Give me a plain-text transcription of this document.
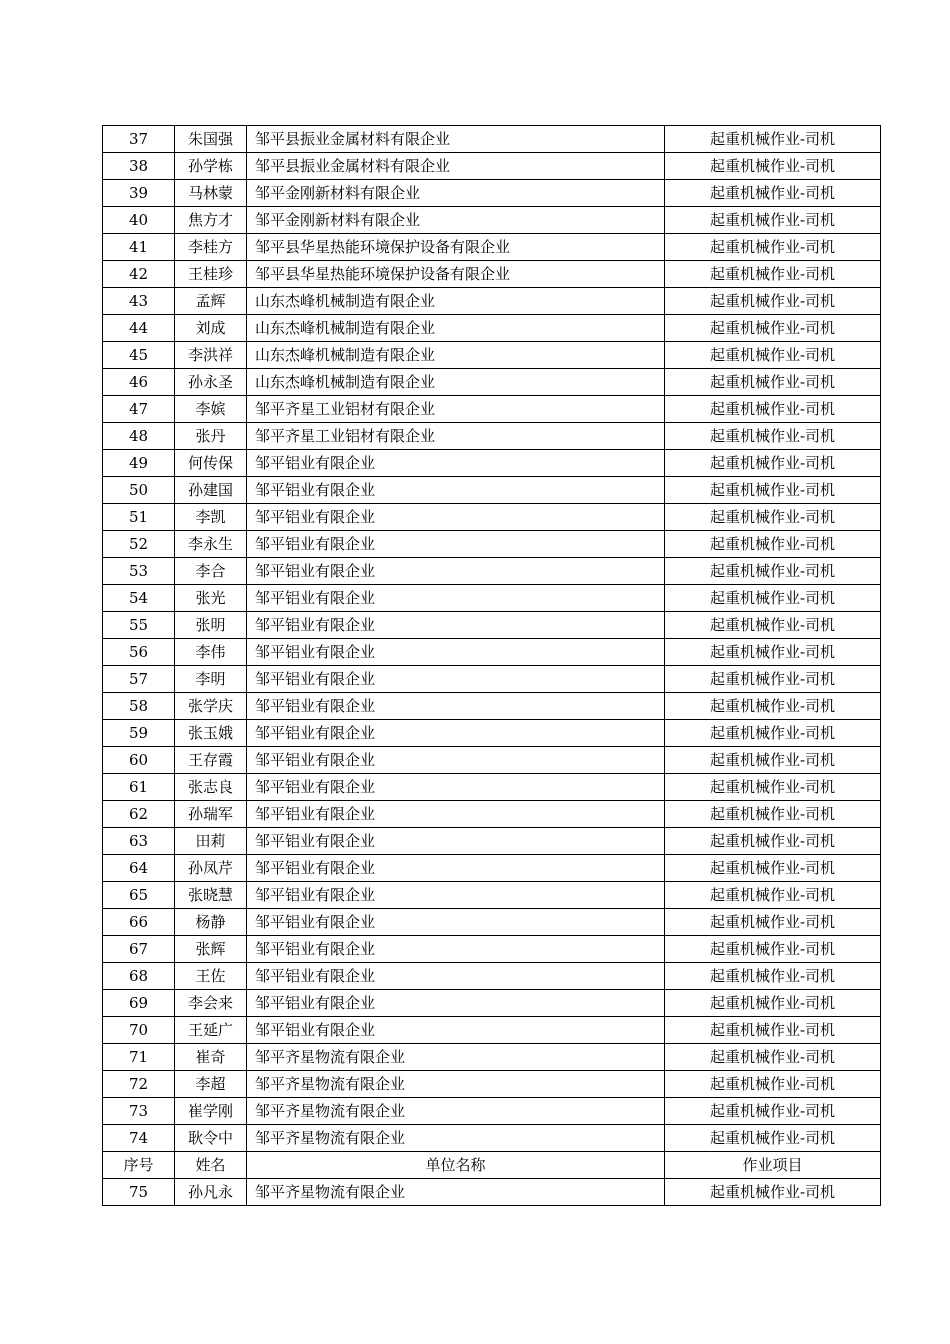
37	朱国强	邹平县振业金属材料有限企业	起重机械作业-司机
38	孙学栋	邹平县振业金属材料有限企业	起重机械作业-司机
39	马林蒙	邹平金刚新材料有限企业	起重机械作业-司机
40	焦方才	邹平金刚新材料有限企业	起重机械作业-司机
41	李桂方	邹平县华星热能环境保护设备有限企业	起重机械作业-司机
42	王桂珍	邹平县华星热能环境保护设备有限企业	起重机械作业-司机
43	孟辉	山东杰峰机械制造有限企业	起重机械作业-司机
44	刘成	山东杰峰机械制造有限企业	起重机械作业-司机
45	李洪祥	山东杰峰机械制造有限企业	起重机械作业-司机
46	孙永圣	山东杰峰机械制造有限企业	起重机械作业-司机
47	李嫔	邹平齐星工业铝材有限企业	起重机械作业-司机
48	张丹	邹平齐星工业铝材有限企业	起重机械作业-司机
49	何传保	邹平铝业有限企业	起重机械作业-司机
50	孙建国	邹平铝业有限企业	起重机械作业-司机
51	李凯	邹平铝业有限企业	起重机械作业-司机
52	李永生	邹平铝业有限企业	起重机械作业-司机
53	李合	邹平铝业有限企业	起重机械作业-司机
54	张光	邹平铝业有限企业	起重机械作业-司机
55	张明	邹平铝业有限企业	起重机械作业-司机
56	李伟	邹平铝业有限企业	起重机械作业-司机
57	李明	邹平铝业有限企业	起重机械作业-司机
58	张学庆	邹平铝业有限企业	起重机械作业-司机
59	张玉娥	邹平铝业有限企业	起重机械作业-司机
60	王存霞	邹平铝业有限企业	起重机械作业-司机
61	张志良	邹平铝业有限企业	起重机械作业-司机
62	孙瑞军	邹平铝业有限企业	起重机械作业-司机
63	田莉	邹平铝业有限企业	起重机械作业-司机
64	孙凤芹	邹平铝业有限企业	起重机械作业-司机
65	张晓慧	邹平铝业有限企业	起重机械作业-司机
66	杨静	邹平铝业有限企业	起重机械作业-司机
67	张辉	邹平铝业有限企业	起重机械作业-司机
68	王佐	邹平铝业有限企业	起重机械作业-司机
69	李会来	邹平铝业有限企业	起重机械作业-司机
70	王延广	邹平铝业有限企业	起重机械作业-司机
71	崔奇	邹平齐星物流有限企业	起重机械作业-司机
72	李超	邹平齐星物流有限企业	起重机械作业-司机
73	崔学刚	邹平齐星物流有限企业	起重机械作业-司机
74	耿令中	邹平齐星物流有限企业	起重机械作业-司机
序号	姓名	单位名称	作业项目
75	孙凡永	邹平齐星物流有限企业	起重机械作业-司机
